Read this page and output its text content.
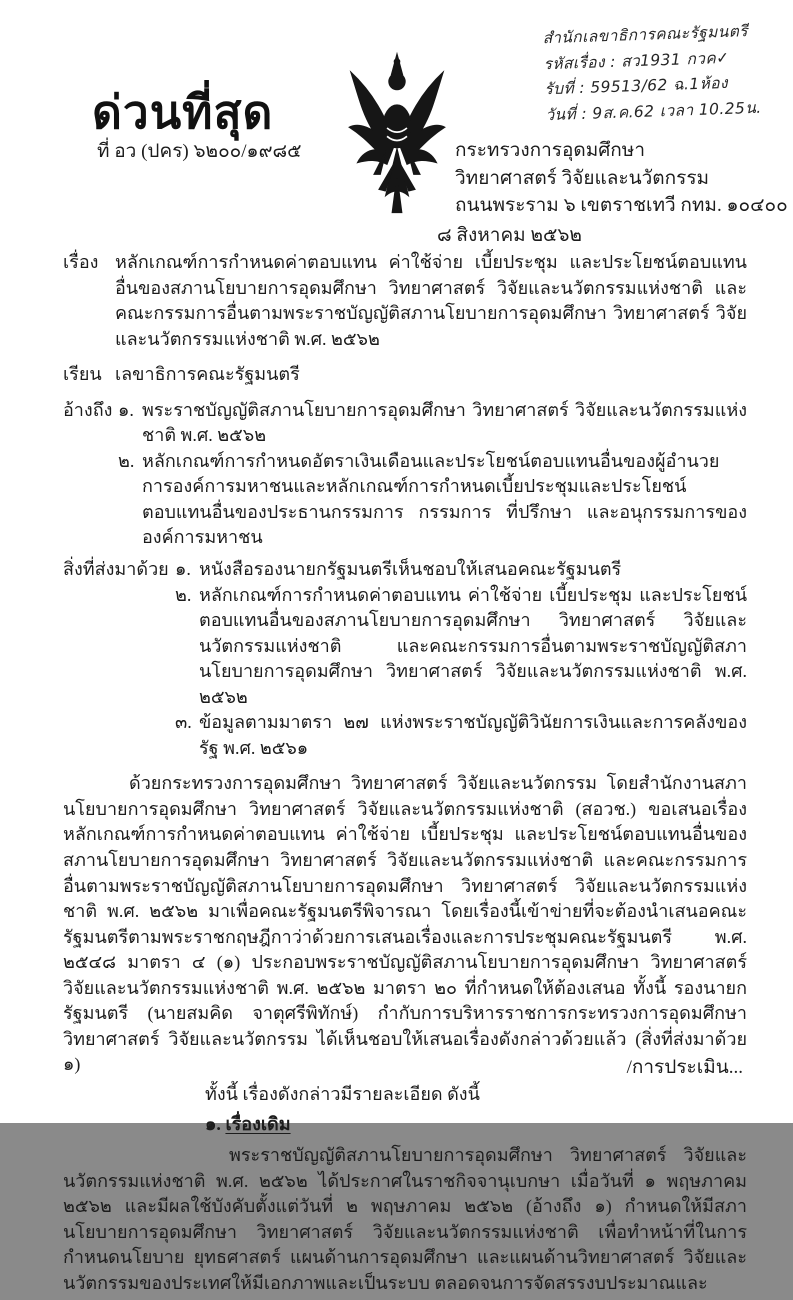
ด่วนที่สุด
ที่ อว (ปคร) ๖๒๐๐/๑๙๘๕
สำนักเลขาธิการคณะรัฐมนตรี
รหัสเรื่อง : สว1931 กวค✓
รับที่ : 59513/62 ฉ.1ห้อง
วันที่ : 9ส.ค.62 เวลา 10.25น.
กระทรวงการอุดมศึกษา
วิทยาศาสตร์ วิจัยและนวัตกรรม
ถนนพระราม ๖ เขตราชเทวี กทม. ๑๐๔๐๐
๘ สิงหาคม ๒๕๖๒
เรื่อง หลักเกณฑ์การกำหนดค่าตอบแทน ค่าใช้จ่าย เบี้ยประชุม และประโยชน์ตอบแทนอื่นของสภานโยบายการอุดมศึกษา วิทยาศาสตร์ วิจัยและนวัตกรรมแห่งชาติ และคณะกรรมการอื่นตามพระราชบัญญัติสภานโยบายการอุดมศึกษา วิทยาศาสตร์ วิจัยและนวัตกรรมแห่งชาติ พ.ศ. ๒๕๖๒
เรียน เลขาธิการคณะรัฐมนตรี
อ้างถึง ๑. พระราชบัญญัติสภานโยบายการอุดมศึกษา วิทยาศาสตร์ วิจัยและนวัตกรรมแห่งชาติ พ.ศ. ๒๕๖๒
๒. หลักเกณฑ์การกำหนดอัตราเงินเดือนและประโยชน์ตอบแทนอื่นของผู้อำนวยการองค์การมหาชนและหลักเกณฑ์การกำหนดเบี้ยประชุมและประโยชน์ตอบแทนอื่นของประธานกรรมการ กรรมการ ที่ปรึกษา และอนุกรรมการขององค์การมหาชน
สิ่งที่ส่งมาด้วย ๑. หนังสือรองนายกรัฐมนตรีเห็นชอบให้เสนอคณะรัฐมนตรี
๒. หลักเกณฑ์การกำหนดค่าตอบแทน ค่าใช้จ่าย เบี้ยประชุม และประโยชน์ตอบแทนอื่นของสภานโยบายการอุดมศึกษา วิทยาศาสตร์ วิจัยและนวัตกรรมแห่งชาติ และคณะกรรมการอื่นตามพระราชบัญญัติสภานโยบายการอุดมศึกษา วิทยาศาสตร์ วิจัยและนวัตกรรมแห่งชาติ พ.ศ. ๒๕๖๒
๓. ข้อมูลตามมาตรา ๒๗ แห่งพระราชบัญญัติวินัยการเงินและการคลังของรัฐ พ.ศ. ๒๕๖๑

ด้วยกระทรวงการอุดมศึกษา วิทยาศาสตร์ วิจัยและนวัตกรรม โดยสำนักงานสภานโยบายการอุดมศึกษา วิทยาศาสตร์ วิจัยและนวัตกรรมแห่งชาติ (สอวช.) ขอเสนอเรื่องหลักเกณฑ์การกำหนดค่าตอบแทน ค่าใช้จ่าย เบี้ยประชุม และประโยชน์ตอบแทนอื่นของสภานโยบายการอุดมศึกษา วิทยาศาสตร์ วิจัยและนวัตกรรมแห่งชาติ และคณะกรรมการอื่นตามพระราชบัญญัติสภานโยบายการอุดมศึกษา วิทยาศาสตร์ วิจัยและนวัตกรรมแห่งชาติ พ.ศ. ๒๕๖๒ มาเพื่อคณะรัฐมนตรีพิจารณา โดยเรื่องนี้เข้าข่ายที่จะต้องนำเสนอคณะรัฐมนตรีตามพระราชกฤษฎีกาว่าด้วยการเสนอเรื่องและการประชุมคณะรัฐมนตรี พ.ศ. ๒๕๔๘ มาตรา ๔ (๑) ประกอบพระราชบัญญัติสภานโยบายการอุดมศึกษา วิทยาศาสตร์ วิจัยและนวัตกรรมแห่งชาติ พ.ศ. ๒๕๖๒ มาตรา ๒๐ ที่กำหนดให้ต้องเสนอ ทั้งนี้ รองนายกรัฐมนตรี (นายสมคิด จาตุศรีพิทักษ์) กำกับการบริหารราชการกระทรวงการอุดมศึกษา วิทยาศาสตร์ วิจัยและนวัตกรรม ได้เห็นชอบให้เสนอเรื่องดังกล่าวด้วยแล้ว (สิ่งที่ส่งมาด้วย ๑)

ทั้งนี้ เรื่องดังกล่าวมีรายละเอียด ดังนี้

๑. เรื่องเดิม

พระราชบัญญัติสภานโยบายการอุดมศึกษา วิทยาศาสตร์ วิจัยและนวัตกรรมแห่งชาติ พ.ศ. ๒๕๖๒ ได้ประกาศในราชกิจจานุเบกษา เมื่อวันที่ ๑ พฤษภาคม ๒๕๖๒ และมีผลใช้บังคับตั้งแต่วันที่ ๒ พฤษภาคม ๒๕๖๒ (อ้างถึง ๑) กำหนดให้มีสภานโยบายการอุดมศึกษา วิทยาศาสตร์ วิจัยและนวัตกรรมแห่งชาติ เพื่อทำหน้าที่ในการกำหนดนโยบาย ยุทธศาสตร์ แผนด้านการอุดมศึกษา และแผนด้านวิทยาศาสตร์ วิจัยและนวัตกรรมของประเทศให้มีเอกภาพและเป็นระบบ ตลอดจนการจัดสรรงบประมาณและ

/การประเมิน...
